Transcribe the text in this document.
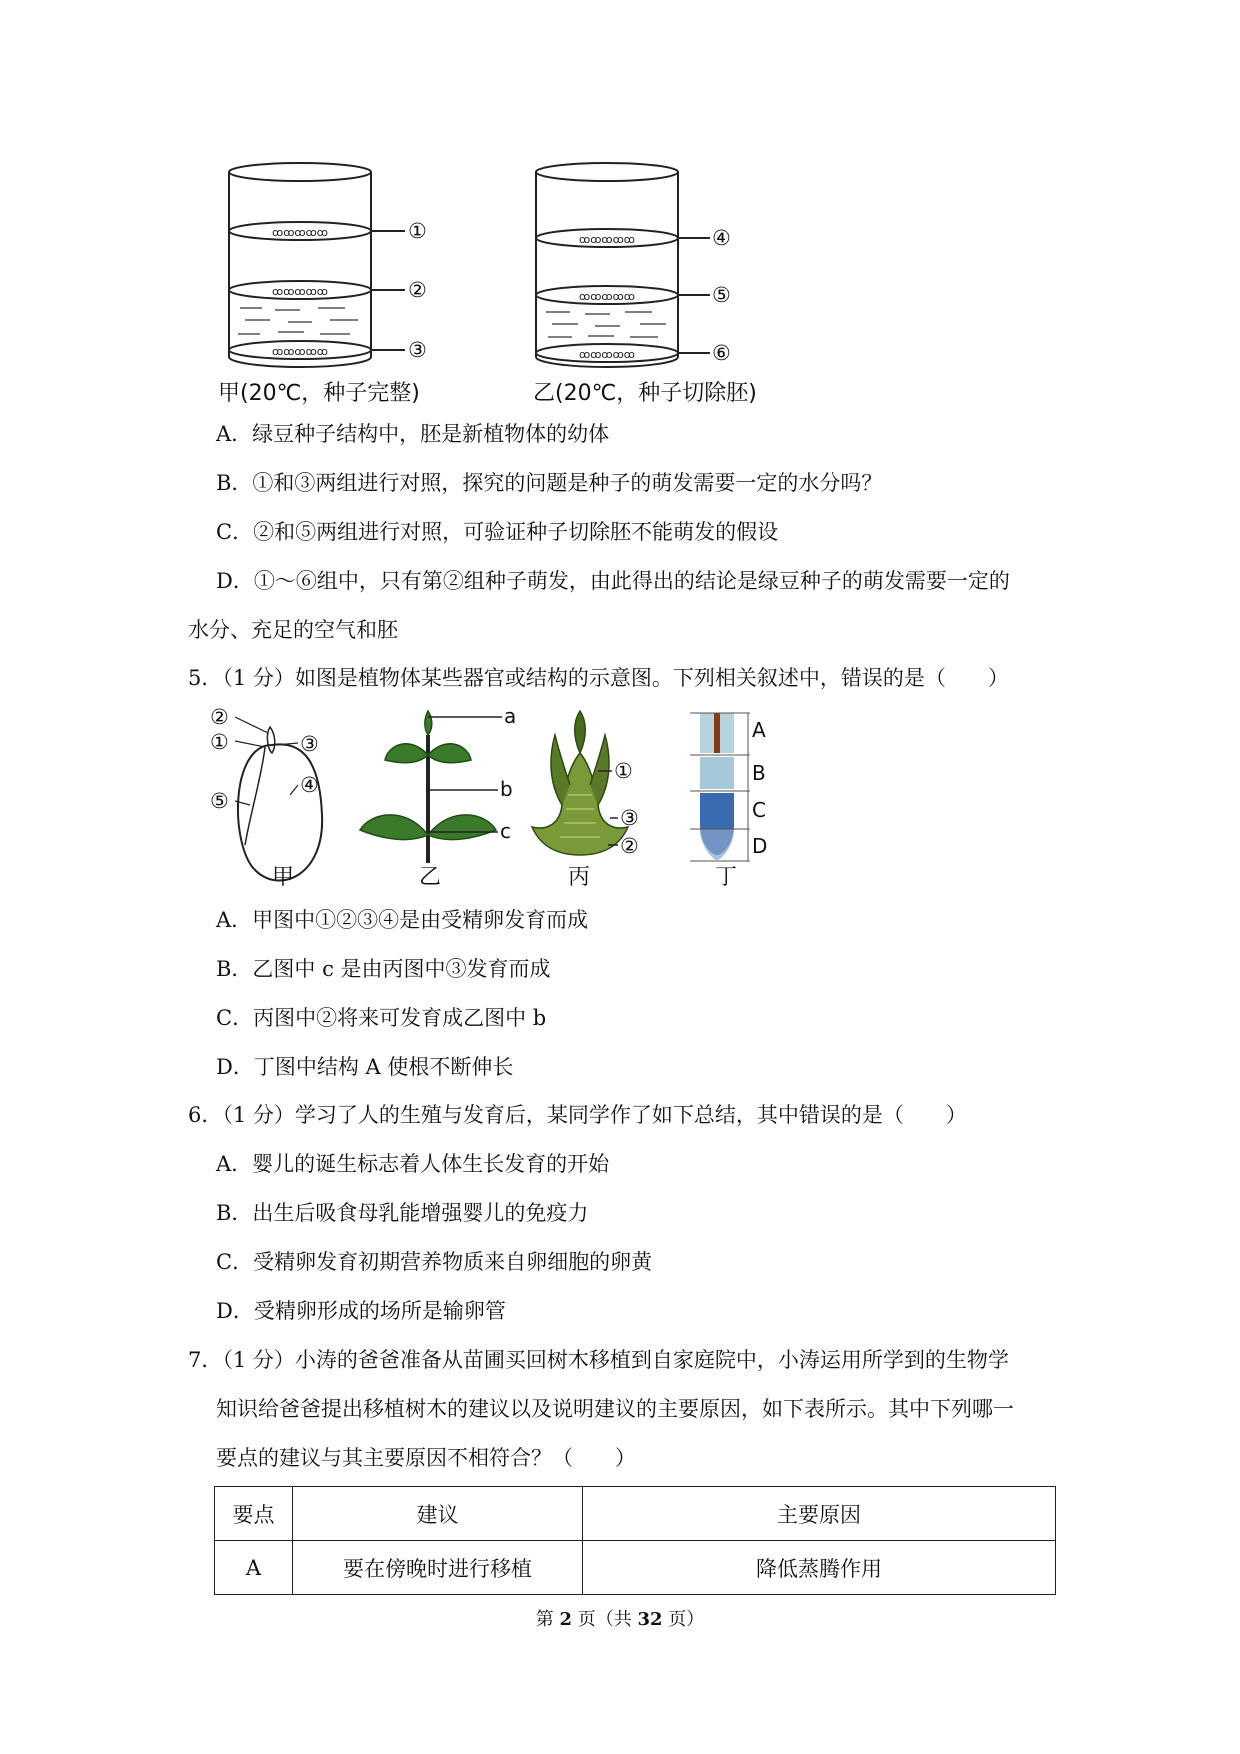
ꝏꝏꝏꝏꝏ
ꝏꝏꝏꝏꝏ
ꝏꝏꝏꝏꝏ
①
②
③
ꝏꝏꝏꝏꝏ
ꝏꝏꝏꝏꝏ
ꝏꝏꝏꝏꝏ
④
⑤
⑥
甲(20℃，种子完整)	乙(20℃，种子切除胚)
A．绿豆种子结构中，胚是新植物体的幼体
B．①和③两组进行对照，探究的问题是种子的萌发需要一定的水分吗？
C．②和⑤两组进行对照，可验证种子切除胚不能萌发的假设
D．①～⑥组中，只有第②组种子萌发，由此得出的结论是绿豆种子的萌发需要一定的
水分、充足的空气和胚
5．（1 分）如图是植物体某些器官或结构的示意图。下列相关叙述中，错误的是（　　）
②
①	③
④
⑤
a
b
c
①
③
②
A
B
C
D
甲	乙	丙	丁
A．甲图中①②③④是由受精卵发育而成
B．乙图中 c 是由丙图中③发育而成
C．丙图中②将来可发育成乙图中 b
D．丁图中结构 A 使根不断伸长
6．（1 分）学习了人的生殖与发育后，某同学作了如下总结，其中错误的是（　　）
A．婴儿的诞生标志着人体生长发育的开始
B．出生后吸食母乳能增强婴儿的免疫力
C．受精卵发育初期营养物质来自卵细胞的卵黄
D．受精卵形成的场所是输卵管
7．（1 分）小涛的爸爸准备从苗圃买回树木移植到自家庭院中，小涛运用所学到的生物学
知识给爸爸提出移植树木的建议以及说明建议的主要原因，如下表所示。其中下列哪一
要点的建议与其主要原因不相符合？（　　）
要点	建议	主要原因
A	要在傍晚时进行移植	降低蒸腾作用
第 2 页（共 32 页）
